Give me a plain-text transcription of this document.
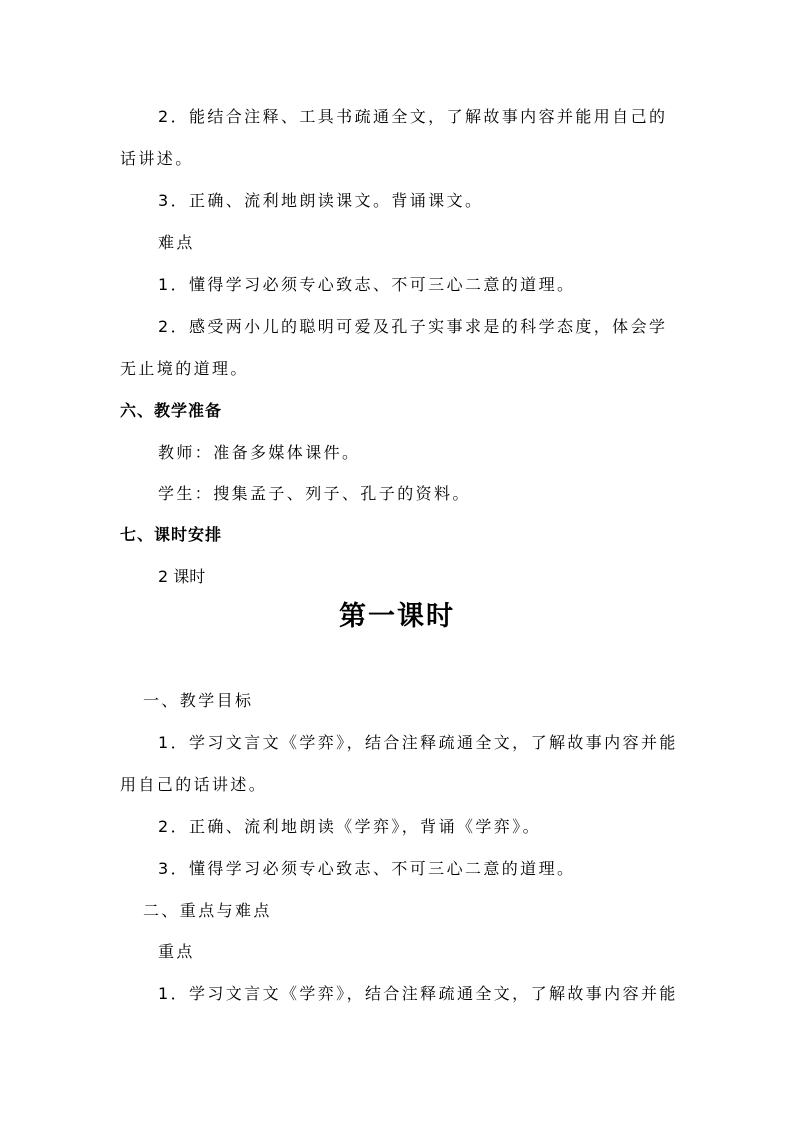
2．能结合注释、工具书疏通全文，了解故事内容并能用自己的
话讲述。
3．正确、流利地朗读课文。背诵课文。
难点
1．懂得学习必须专心致志、不可三心二意的道理。
2．感受两小儿的聪明可爱及孔子实事求是的科学态度，体会学
无止境的道理。
六、教学准备
教师：准备多媒体课件。
学生：搜集孟子、列子、孔子的资料。
七、课时安排
2 课时
第一课时
一、教学目标
1．学习文言文《学弈》，结合注释疏通全文，了解故事内容并能
用自己的话讲述。
2．正确、流利地朗读《学弈》，背诵《学弈》。
3．懂得学习必须专心致志、不可三心二意的道理。
二、重点与难点
重点
1．学习文言文《学弈》，结合注释疏通全文，了解故事内容并能
